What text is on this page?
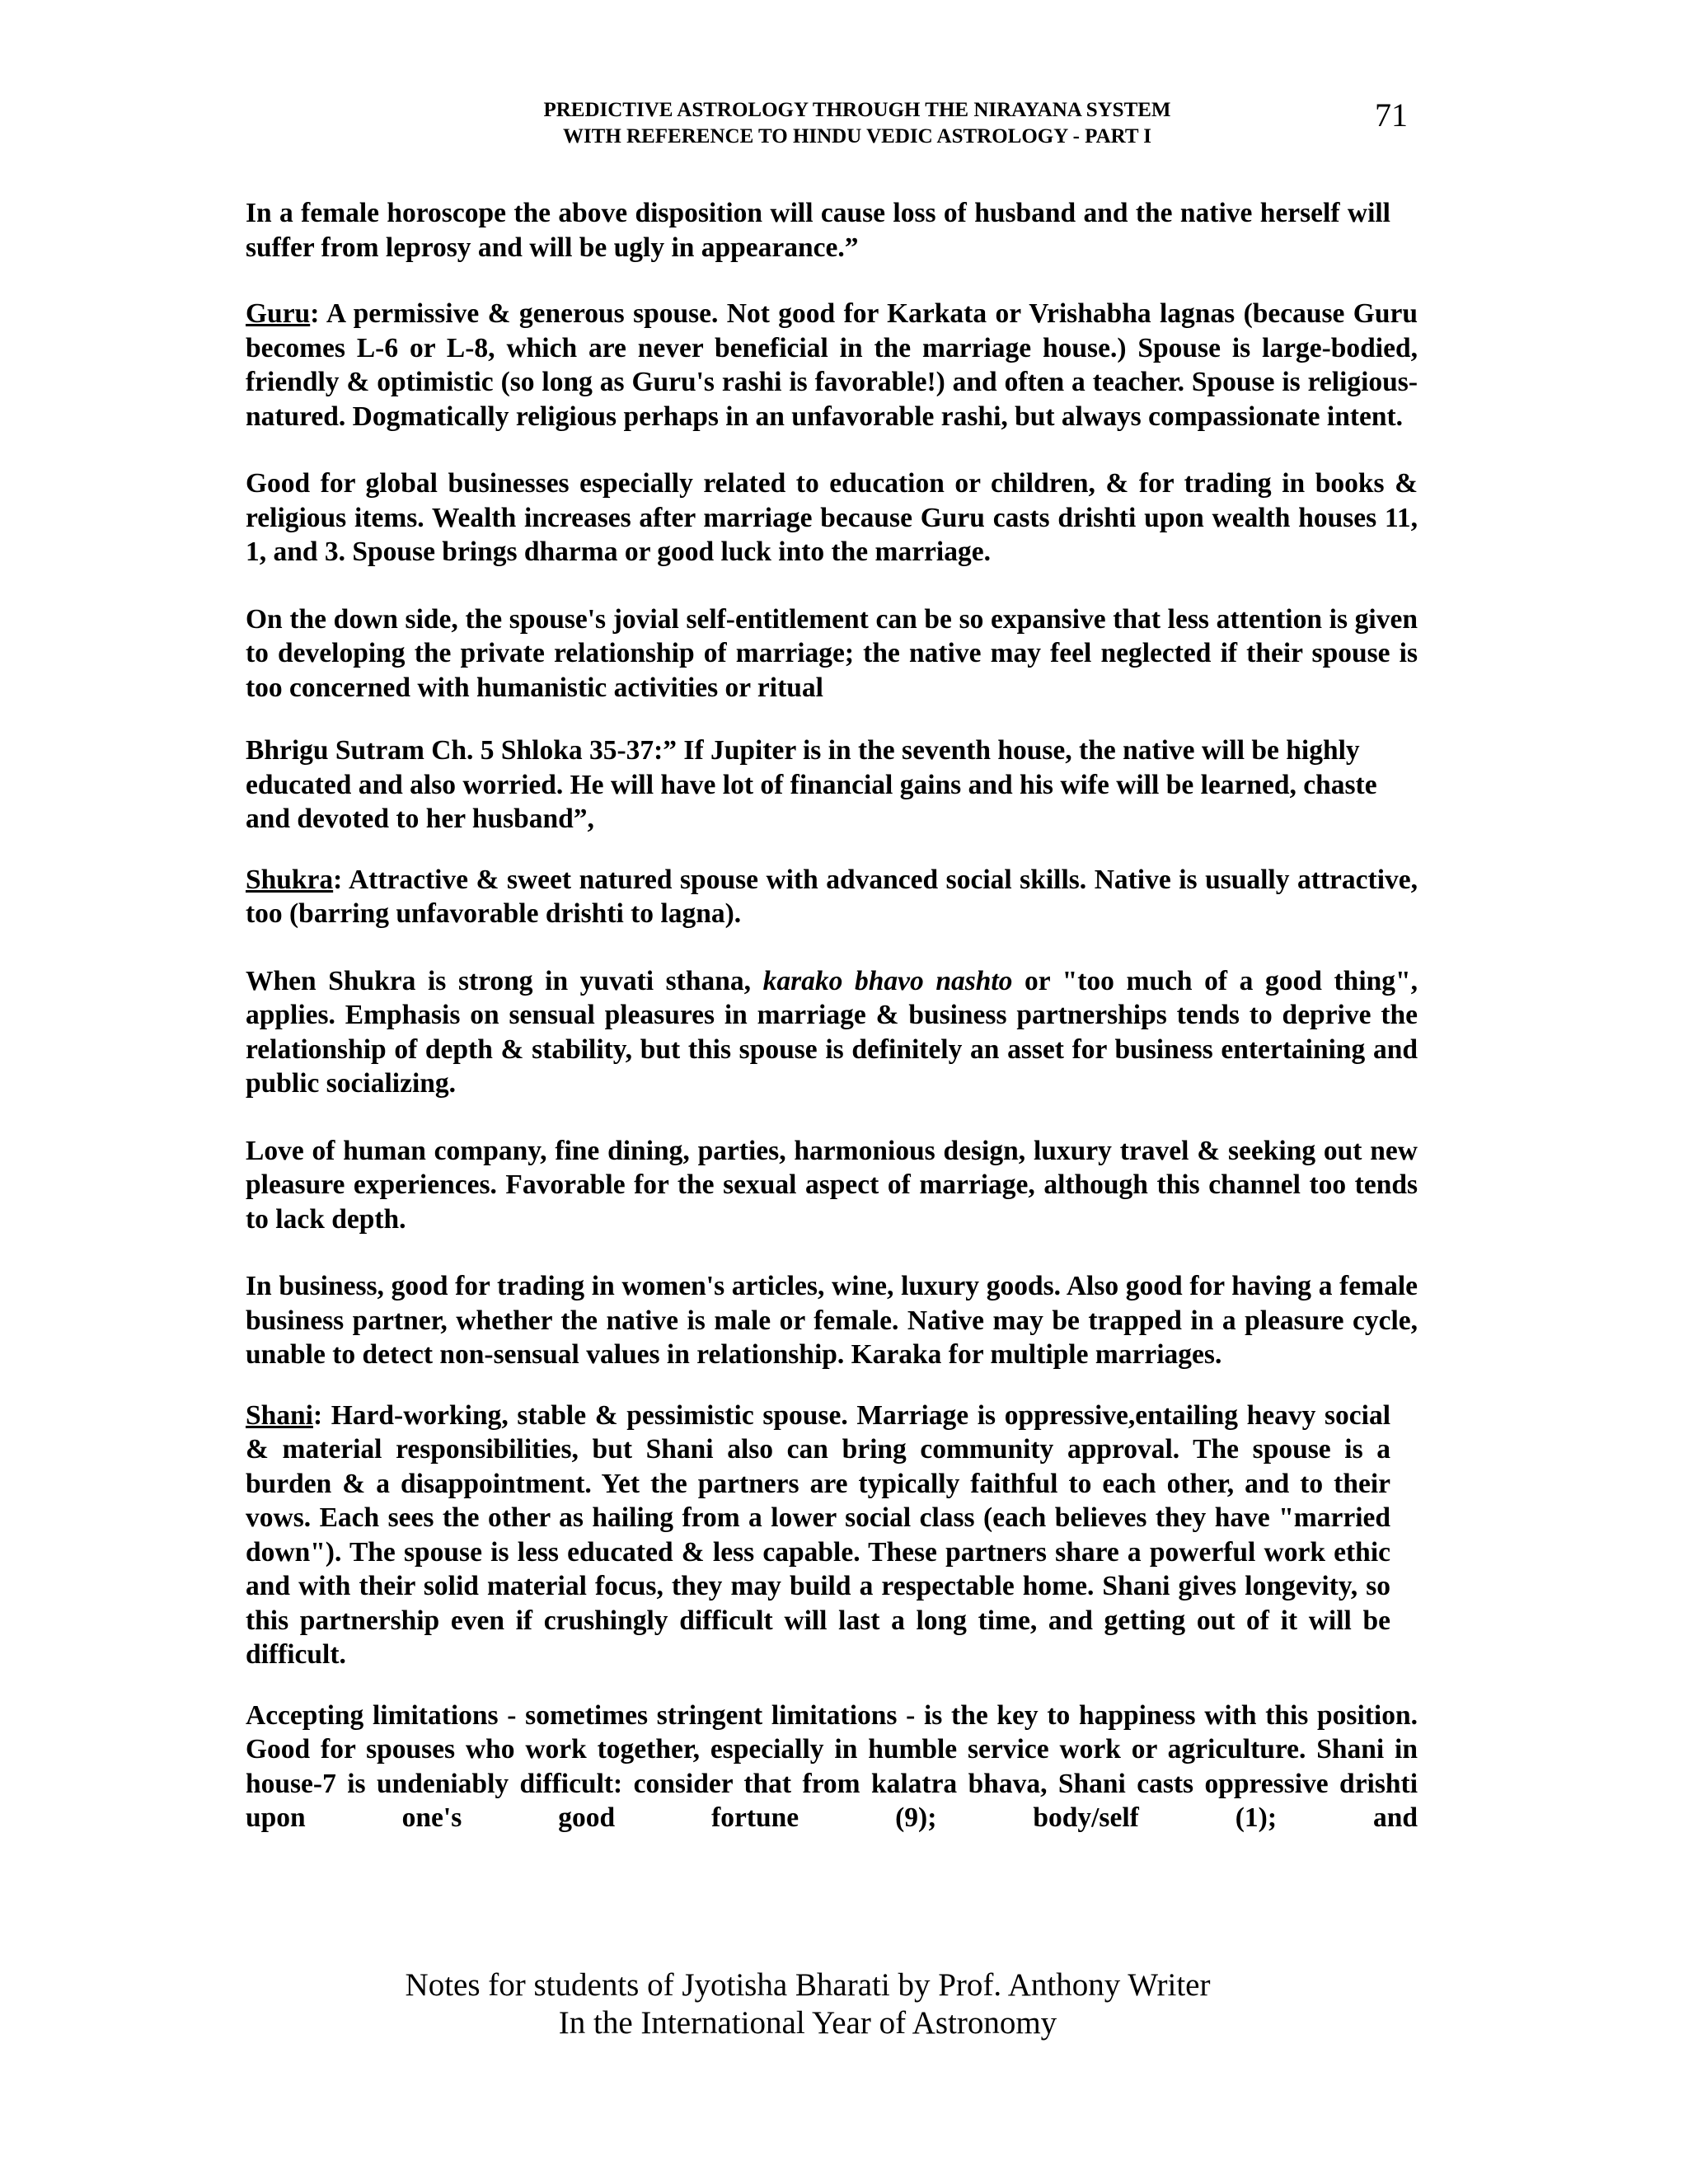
PREDICTIVE ASTROLOGY THROUGH THE NIRAYANA SYSTEM
WITH REFERENCE TO HINDU VEDIC ASTROLOGY - PART I
71

In a female horoscope the above disposition will cause loss of husband and the native herself will suffer from leprosy and will be ugly in appearance.”

Guru: A permissive & generous spouse. Not good for Karkata or Vrishabha lagnas (because Guru becomes L-6 or L-8, which are never beneficial in the marriage house.) Spouse is large-bodied, friendly & optimistic (so long as Guru's rashi is favorable!) and often a teacher. Spouse is religious-natured. Dogmatically religious perhaps in an unfavorable rashi, but always compassionate intent.

Good for global businesses especially related to education or children, & for trading in books & religious items. Wealth increases after marriage because Guru casts drishti upon wealth houses 11, 1, and 3. Spouse brings dharma or good luck into the marriage.

On the down side, the spouse's jovial self-entitlement can be so expansive that less attention is given to developing the private relationship of marriage; the native may feel neglected if their spouse is too concerned with humanistic activities or ritual

Bhrigu Sutram Ch. 5 Shloka 35-37:” If Jupiter is in the seventh house, the native will be highly educated and also worried. He will have lot of financial gains and his wife will be learned, chaste and devoted to her husband”,

Shukra: Attractive & sweet natured spouse with advanced social skills. Native is usually attractive, too (barring unfavorable drishti to lagna).

When Shukra is strong in yuvati sthana, karako bhavo nashto or "too much of a good thing", applies. Emphasis on sensual pleasures in marriage & business partnerships tends to deprive the relationship of depth & stability, but this spouse is definitely an asset for business entertaining and public socializing.

Love of human company, fine dining, parties, harmonious design, luxury travel & seeking out new pleasure experiences. Favorable for the sexual aspect of marriage, although this channel too tends to lack depth.

In business, good for trading in women's articles, wine, luxury goods. Also good for having a female business partner, whether the native is male or female. Native may be trapped in a pleasure cycle, unable to detect non-sensual values in relationship. Karaka for multiple marriages.

Shani: Hard-working, stable & pessimistic spouse. Marriage is oppressive,entailing heavy social & material responsibilities, but Shani also can bring community approval. The spouse is a burden & a disappointment. Yet the partners are typically faithful to each other, and to their vows. Each sees the other as hailing from a lower social class (each believes they have "married down"). The spouse is less educated & less capable. These partners share a powerful work ethic and with their solid material focus, they may build a respectable home. Shani gives longevity, so this partnership even if crushingly difficult will last a long time, and getting out of it will be difficult.

Accepting limitations - sometimes stringent limitations - is the key to happiness with this position. Good for spouses who work together, especially in humble service work or agriculture. Shani in house-7 is undeniably difficult: consider that from kalatra bhava, Shani casts oppressive drishti upon one's good fortune (9); body/self (1); and

Notes for students of Jyotisha Bharati by Prof. Anthony Writer
In the International Year of Astronomy
